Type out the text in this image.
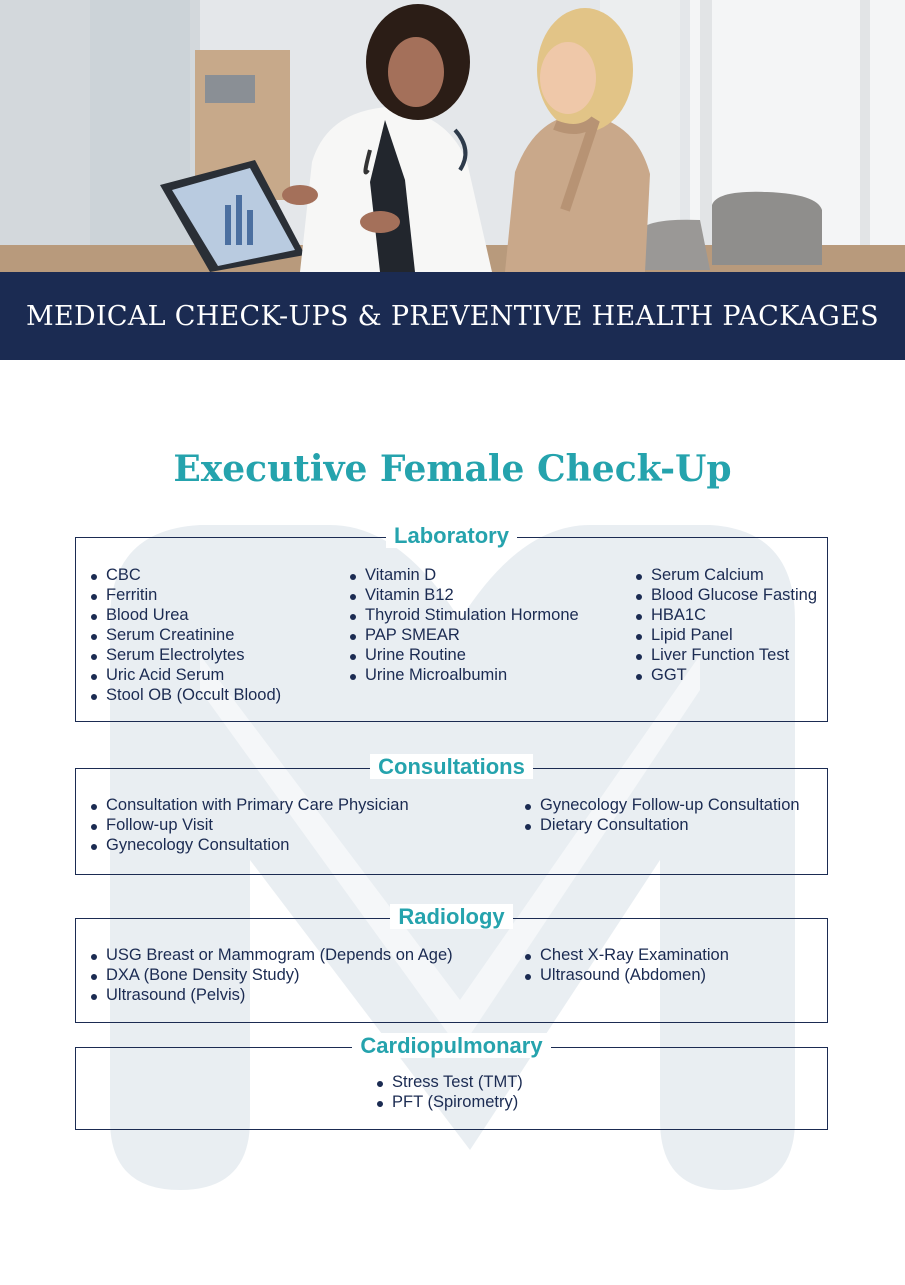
MEDICAL CHECK-UPS & PREVENTIVE HEALTH PACKAGES
Executive Female Check-Up
Laboratory
CBC
Ferritin
Blood Urea
Serum Creatinine
Serum Electrolytes
Uric Acid Serum
Stool OB (Occult Blood)
Vitamin D
Vitamin B12
Thyroid Stimulation Hormone
PAP SMEAR
Urine Routine
Urine Microalbumin
Serum Calcium
Blood Glucose Fasting
HBA1C
Lipid Panel
Liver Function Test
GGT
Consultations
Consultation with Primary Care Physician
Follow-up Visit
Gynecology Consultation
Gynecology Follow-up Consultation
Dietary Consultation
Radiology
USG Breast or Mammogram (Depends on Age)
DXA (Bone Density Study)
Ultrasound (Pelvis)
Chest X-Ray Examination
Ultrasound (Abdomen)
Cardiopulmonary
Stress Test (TMT)
PFT (Spirometry)
